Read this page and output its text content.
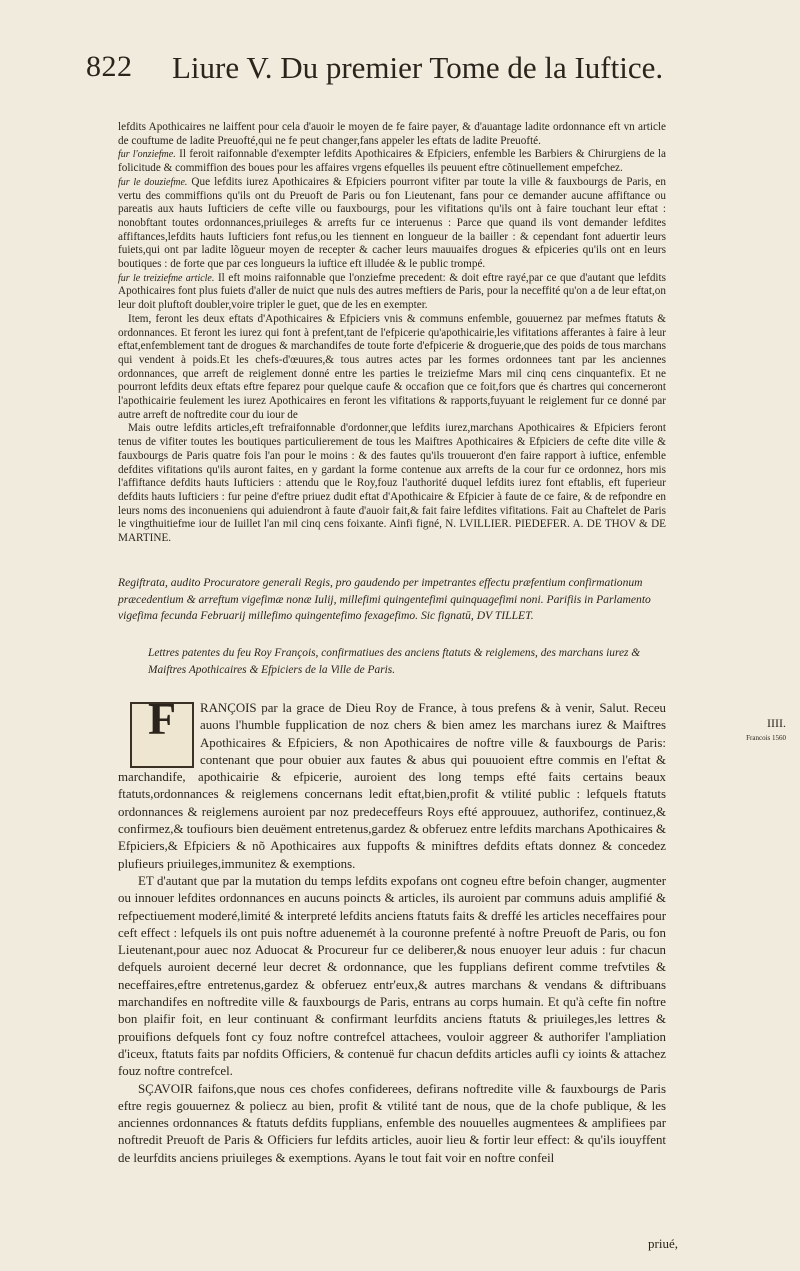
822 Liure V. Du premier Tome de la Iuftice.

lefdits Apothicaires ne laiffent pour cela d'auoir le moyen de fe faire payer, & d'auantage ladite ordonnance eft vn article de couftume de ladite Preuofté,qui ne fe peut changer,fans appeler les eftats de ladite Preuofté.

fur l'onziefme. Il feroit raifonnable d'exempter lefdits Apothicaires & Efpiciers, enfemble les Barbiers & Chirurgiens de la folicitude & commiffion des boues pour les affaires vrgens efquelles ils peuuent eftre cõtinuellement empefchez.

fur le douziefme. Que lefdits iurez Apothicaires & Efpiciers pourront vifiter par toute la ville & fauxbourgs de Paris, en vertu des commiffions qu'ils ont du Preuoft de Paris ou fon Lieutenant, fans pour ce demander aucune affiftance ou pareatis aux hauts Iufticiers de cefte ville ou fauxbourgs, pour les vifitations qu'ils ont à faire touchant leur eftat : nonobftant toutes ordonnances,priuileges & arrefts fur ce interuenus : Parce que quand ils vont demander lefdites affiftances,lefdits hauts Iufticiers font refus,ou les tiennent en longueur de la bailler : & cependant font aduertir leurs fuiets,qui ont par ladite lõgueur moyen de recepter & cacher leurs mauuaifes drogues & efpiceries qu'ils ont en leurs boutiques : de forte que par ces longueurs la iuftice eft illudée & le public trompé.

fur le treiziefme article. Il eft moins raifonnable que l'onziefme precedent: & doit eftre rayé,par ce que d'autant que lefdits Apothicaires font plus fuiets d'aller de nuict que nuls des autres meftiers de Paris, pour la neceffité qu'on a de leur eftat,on leur doit pluftoft doubler,voire tripler le guet, que de les en exempter.

Item, feront les deux eftats d'Apothicaires & Efpiciers vnis & communs enfemble, gouuernez par mefmes ftatuts & ordonnances. Et feront les iurez qui font à prefent,tant de l'efpicerie qu'apothicairie,les vifitations afferantes à faire à leur eftat,enfemblement tant de drogues & marchandifes de toute forte d'efpicerie & droguerie,que des poids de tous marchans qui vendent à poids.Et les chefs-d'œuures,& tous autres actes par les formes ordonnees tant par les anciennes ordonnances, que arreft de reiglement donné entre les parties le treiziefme Mars mil cinq cens cinquantefix. Et ne pourront lefdits deux eftats eftre feparez pour quelque caufe & occafion que ce foit,fors que és chartres qui concerneront l'apothicairie feulement les iurez Apothicaires en feront les vifitations & rapports,fuyuant le reiglement fur ce donné par autre arreft de noftredite cour du iour de

Mais outre lefdits articles,eft trefraifonnable d'ordonner,que lefdits iurez,marchans Apothicaires & Efpiciers feront tenus de vifiter toutes les boutiques particulierement de tous les Maiftres Apothicaires & Efpiciers de cefte dite ville & fauxbourgs de Paris quatre fois l'an pour le moins : & des fautes qu'ils trouueront d'en faire rapport à iuftice, enfemble defdites vifitations qu'ils auront faites, en y gardant la forme contenue aux arrefts de la cour fur ce ordonnez, hors mis l'affiftance defdits hauts Iufticiers : attendu que le Roy,fouz l'authorité duquel lefdits iurez font eftablis, eft fuperieur defdits hauts Iufticiers : fur peine d'eftre priuez dudit eftat d'Apothicaire & Efpicier à faute de ce faire, & de refpondre en leurs noms des inconueniens qui aduiendront à faute d'auoir fait,& fait faire lefdites vifitations. Fait au Chaftelet de Paris le vingthuitiefme iour de Iuillet l'an mil cinq cens foixante. Ainfi figné, N. LVILLIER. PIEDEFER. A. DE THOV & DE MARTINE.

Regiftrata, audito Procuratore generali Regis, pro gaudendo per impetrantes effectu præfentium confirmationum præcedentium & arreftum vigefimæ nonæ Iulij, millefimi quingentefimi quinquagefimi noni. Parifiis in Parlamento vigefima fecunda Februarij millefimo quingentefimo fexagefimo. Sic fignatū, DV TILLET.
Lettres patentes du feu Roy François, confirmatiues des anciens ftatuts & reiglemens, des marchans iurez & Maiftres Apothicaires & Efpiciers de la Ville de Paris.
F	RANÇOIS par la grace de Dieu Roy de France, à tous prefens & à venir, Salut. Receu auons l'humble fupplication de noz chers & bien amez les marchans iurez & Maiftres Apothicaires & Efpiciers, & non Apothicaires de noftre ville & fauxbourgs de Paris: contenant que pour obuier aux fautes & abus qui pouuoient eftre commis en l'eftat & marchandife, apothicairie & efpicerie, auroient des long temps efté faits certains beaux ftatuts,ordonnances & reiglemens concernans ledit eftat,bien,profit & vtilité public : lefquels ftatuts ordonnances & reiglemens auroient par noz predeceffeurs Roys efté approuuez, authorifez, continuez,& confirmez,& toufiours bien deuëment entretenus,gardez & obferuez entre lefdits marchans Apothicaires & Efpiciers,& Efpiciers & nõ Apothicaires aux fuppofts & miniftres defdits eftats donnez & concedez plufieurs priuileges,immunitez & exemptions.

ET d'autant que par la mutation du temps lefdits expofans ont cogneu eftre befoin changer, augmenter ou innouer lefdites ordonnances en aucuns poincts & articles, ils auroient par communs aduis amplifié & refpectiuement moderé,limité & interpreté lefdits anciens ftatuts faits & dreffé les articles neceffaires pour ceft effect : lefquels ils ont puis noftre aduenemét à la couronne prefenté à noftre Preuoft de Paris, ou fon Lieutenant,pour auec noz Aduocat & Procureur fur ce deliberer,& nous enuoyer leur aduis : fur chacun defquels auroient decerné leur decret & ordonnance, que les fupplians defirent comme trefvtiles & neceffaires,eftre entretenus,gardez & obferuez entr'eux,& autres marchans & vendans & diftribuans marchandifes en noftredite ville & fauxbourgs de Paris, entrans au corps humain. Et qu'à cefte fin noftre bon plaifir foit, en leur continuant & confirmant leurfdits anciens ftatuts & priuileges,les lettres & prouifions defquels font cy fouz noftre contrefcel attachees, vouloir aggreer & authorifer l'ampliation d'iceux, ftatuts faits par nofdits Officiers, & contenuë fur chacun defdits articles aufli cy ioints & attachez fouz noftre contrefcel.

SÇAVOIR faifons,que nous ces chofes confiderees, defirans noftredite ville & fauxbourgs de Paris eftre regis gouuernez & poliecz au bien, profit & vtilité tant de nous, que de la chofe publique, & les anciennes ordonnances & ftatuts defdits fupplians, enfemble des nouuelles augmentees & amplifiees par noftredit Preuoft de Paris & Officiers fur lefdits articles, auoir lieu & fortir leur effect: & qu'ils iouyffent de leurfdits anciens priuileges & exemptions. Ayans le tout fait voir en noftre confeil

IIII.
Francois 1560
priué,
